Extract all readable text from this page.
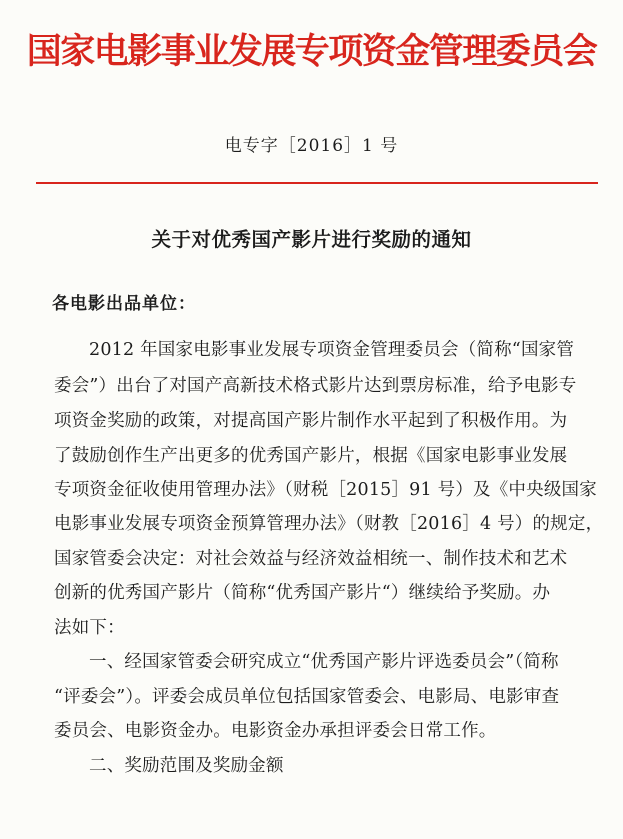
国家电影事业发展专项资金管理委员会
电专字［2016］1 号
关于对优秀国产影片进行奖励的通知
各电影出品单位：
2012 年国家电影事业发展专项资金管理委员会（简称“国家管
委会”）出台了对国产高新技术格式影片达到票房标准，给予电影专
项资金奖励的政策，对提高国产影片制作水平起到了积极作用。为
了鼓励创作生产出更多的优秀国产影片，根据《国家电影事业发展
专项资金征收使用管理办法》（财税［2015］91 号）及《中央级国家
电影事业发展专项资金预算管理办法》（财教［2016］4 号）的规定，
国家管委会决定：对社会效益与经济效益相统一、制作技术和艺术
创新的优秀国产影片（简称“优秀国产影片“）继续给予奖励。办
法如下：
一、经国家管委会研究成立“优秀国产影片评选委员会”（简称
“评委会”）。评委会成员单位包括国家管委会、电影局、电影审查
委员会、电影资金办。电影资金办承担评委会日常工作。
二、奖励范围及奖励金额
